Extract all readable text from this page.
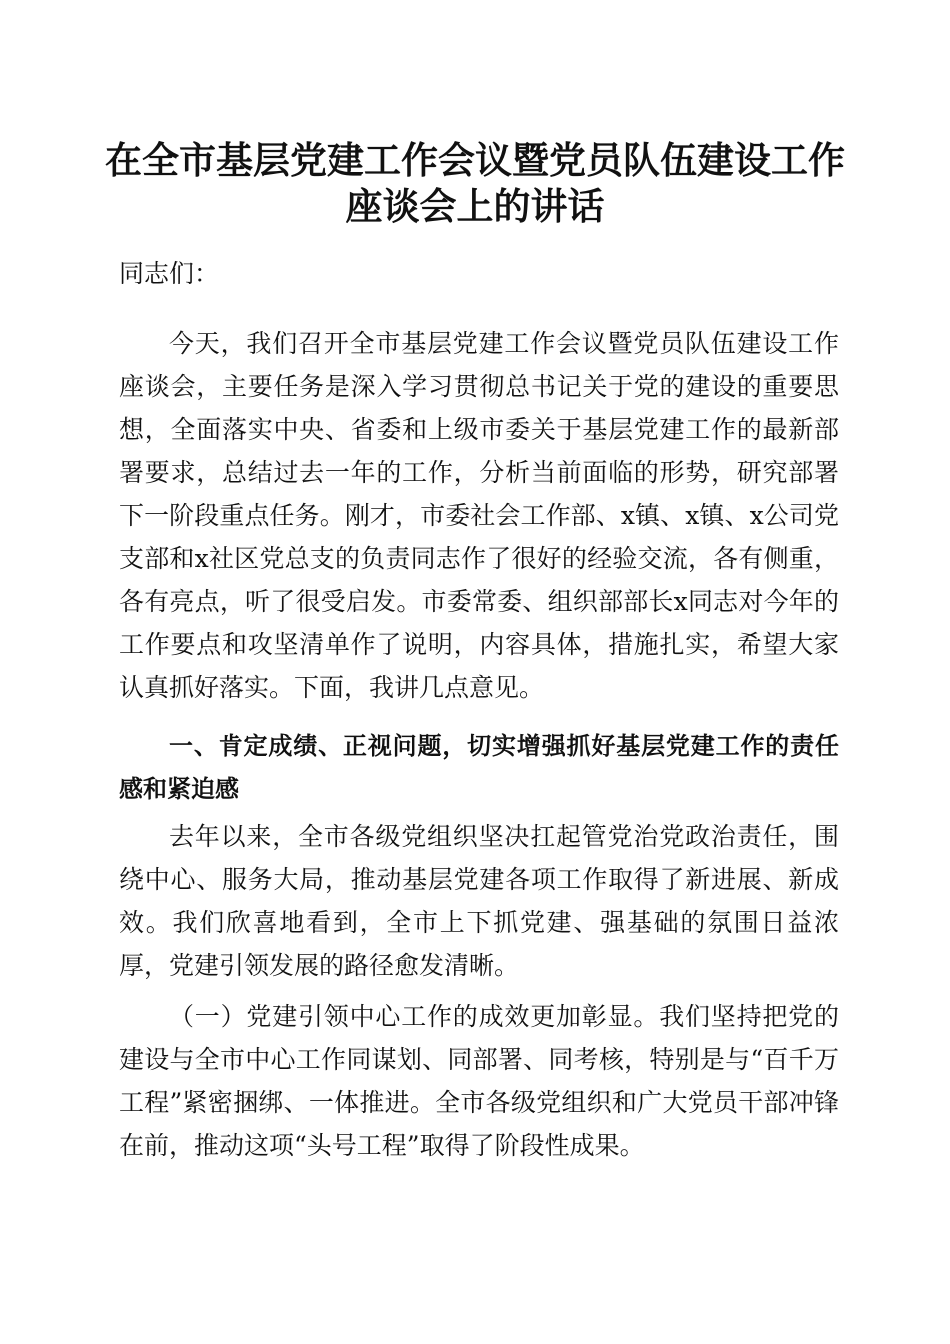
在全市基层党建工作会议暨党员队伍建设工作
座谈会上的讲话
同志们：

今天，我们召开全市基层党建工作会议暨党员队伍建设工作座谈会，主要任务是深入学习贯彻总书记关于党的建设的重要思想，全面落实中央、省委和上级市委关于基层党建工作的最新部署要求，总结过去一年的工作，分析当前面临的形势，研究部署下一阶段重点任务。刚才，市委社会工作部、x镇、x镇、x公司党支部和x社区党总支的负责同志作了很好的经验交流，各有侧重，各有亮点，听了很受启发。市委常委、组织部部长x同志对今年的工作要点和攻坚清单作了说明，内容具体，措施扎实，希望大家认真抓好落实。下面，我讲几点意见。

一、肯定成绩、正视问题，切实增强抓好基层党建工作的责任感和紧迫感

去年以来，全市各级党组织坚决扛起管党治党政治责任，围绕中心、服务大局，推动基层党建各项工作取得了新进展、新成效。我们欣喜地看到，全市上下抓党建、强基础的氛围日益浓厚，党建引领发展的路径愈发清晰。

（一）党建引领中心工作的成效更加彰显。我们坚持把党的建设与全市中心工作同谋划、同部署、同考核，特别是与“百千万工程”紧密捆绑、一体推进。全市各级党组织和广大党员干部冲锋在前，推动这项“头号工程”取得了阶段性成果。
